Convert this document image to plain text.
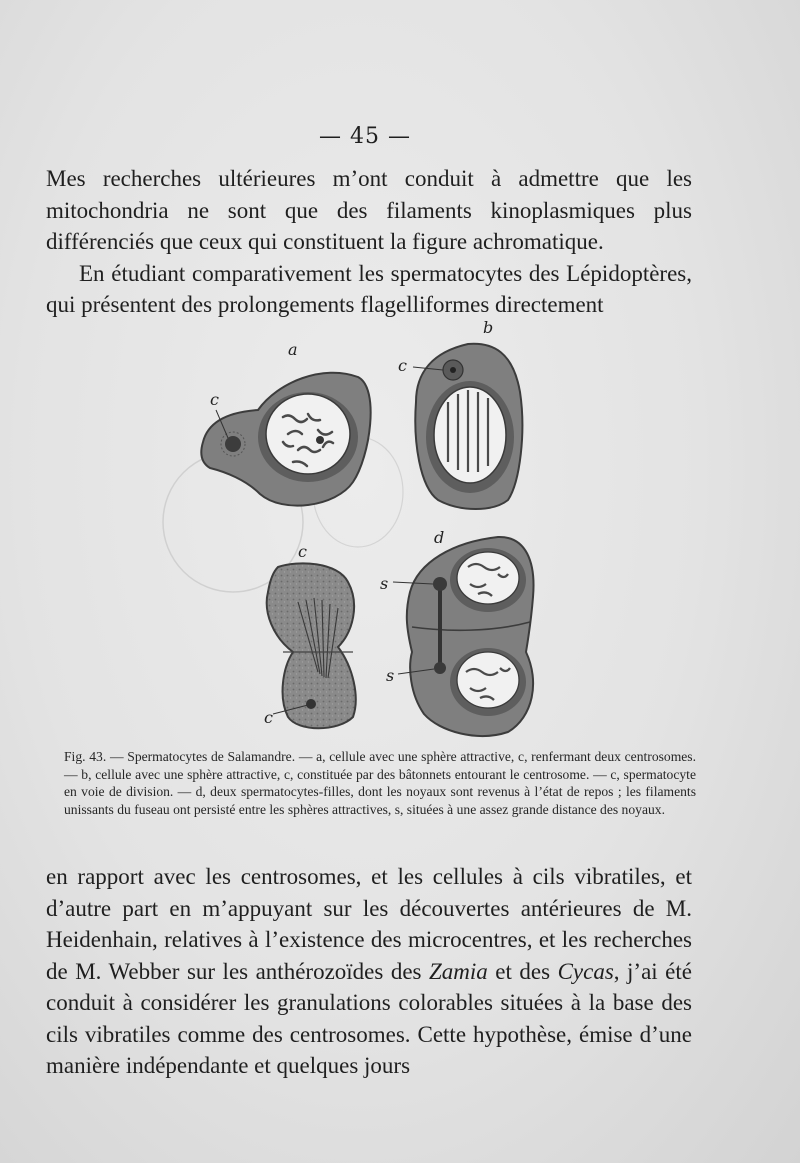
— 45 —

Mes recherches ultérieures m’ont conduit à admettre que les mitochondria ne sont que des filaments kinoplasmiques plus différenciés que ceux qui constituent la figure achromatique.

En étudiant comparativement les spermatocytes des Lépidoptères, qui présentent des prolongements flagelliformes directement

a
b
c
d
c
c
c
s
s

Fig. 43. — Spermatocytes de Salamandre. — a, cellule avec une sphère attractive, c, renfermant deux centrosomes. — b, cellule avec une sphère attractive, c, constituée par des bâtonnets entourant le centrosome. — c, spermatocyte en voie de division. — d, deux spermatocytes-filles, dont les noyaux sont revenus à l’état de repos ; les filaments unissants du fuseau ont persisté entre les sphères attractives, s, situées à une assez grande distance des noyaux.

en rapport avec les centrosomes, et les cellules à cils vibratiles, et d’autre part en m’appuyant sur les découvertes antérieures de M. Heidenhain, relatives à l’existence des microcentres, et les recherches de M. Webber sur les anthérozoïdes des Zamia et des Cycas, j’ai été conduit à considérer les granulations colorables situées à la base des cils vibratiles comme des centrosomes. Cette hypothèse, émise d’une manière indépendante et quelques jours
